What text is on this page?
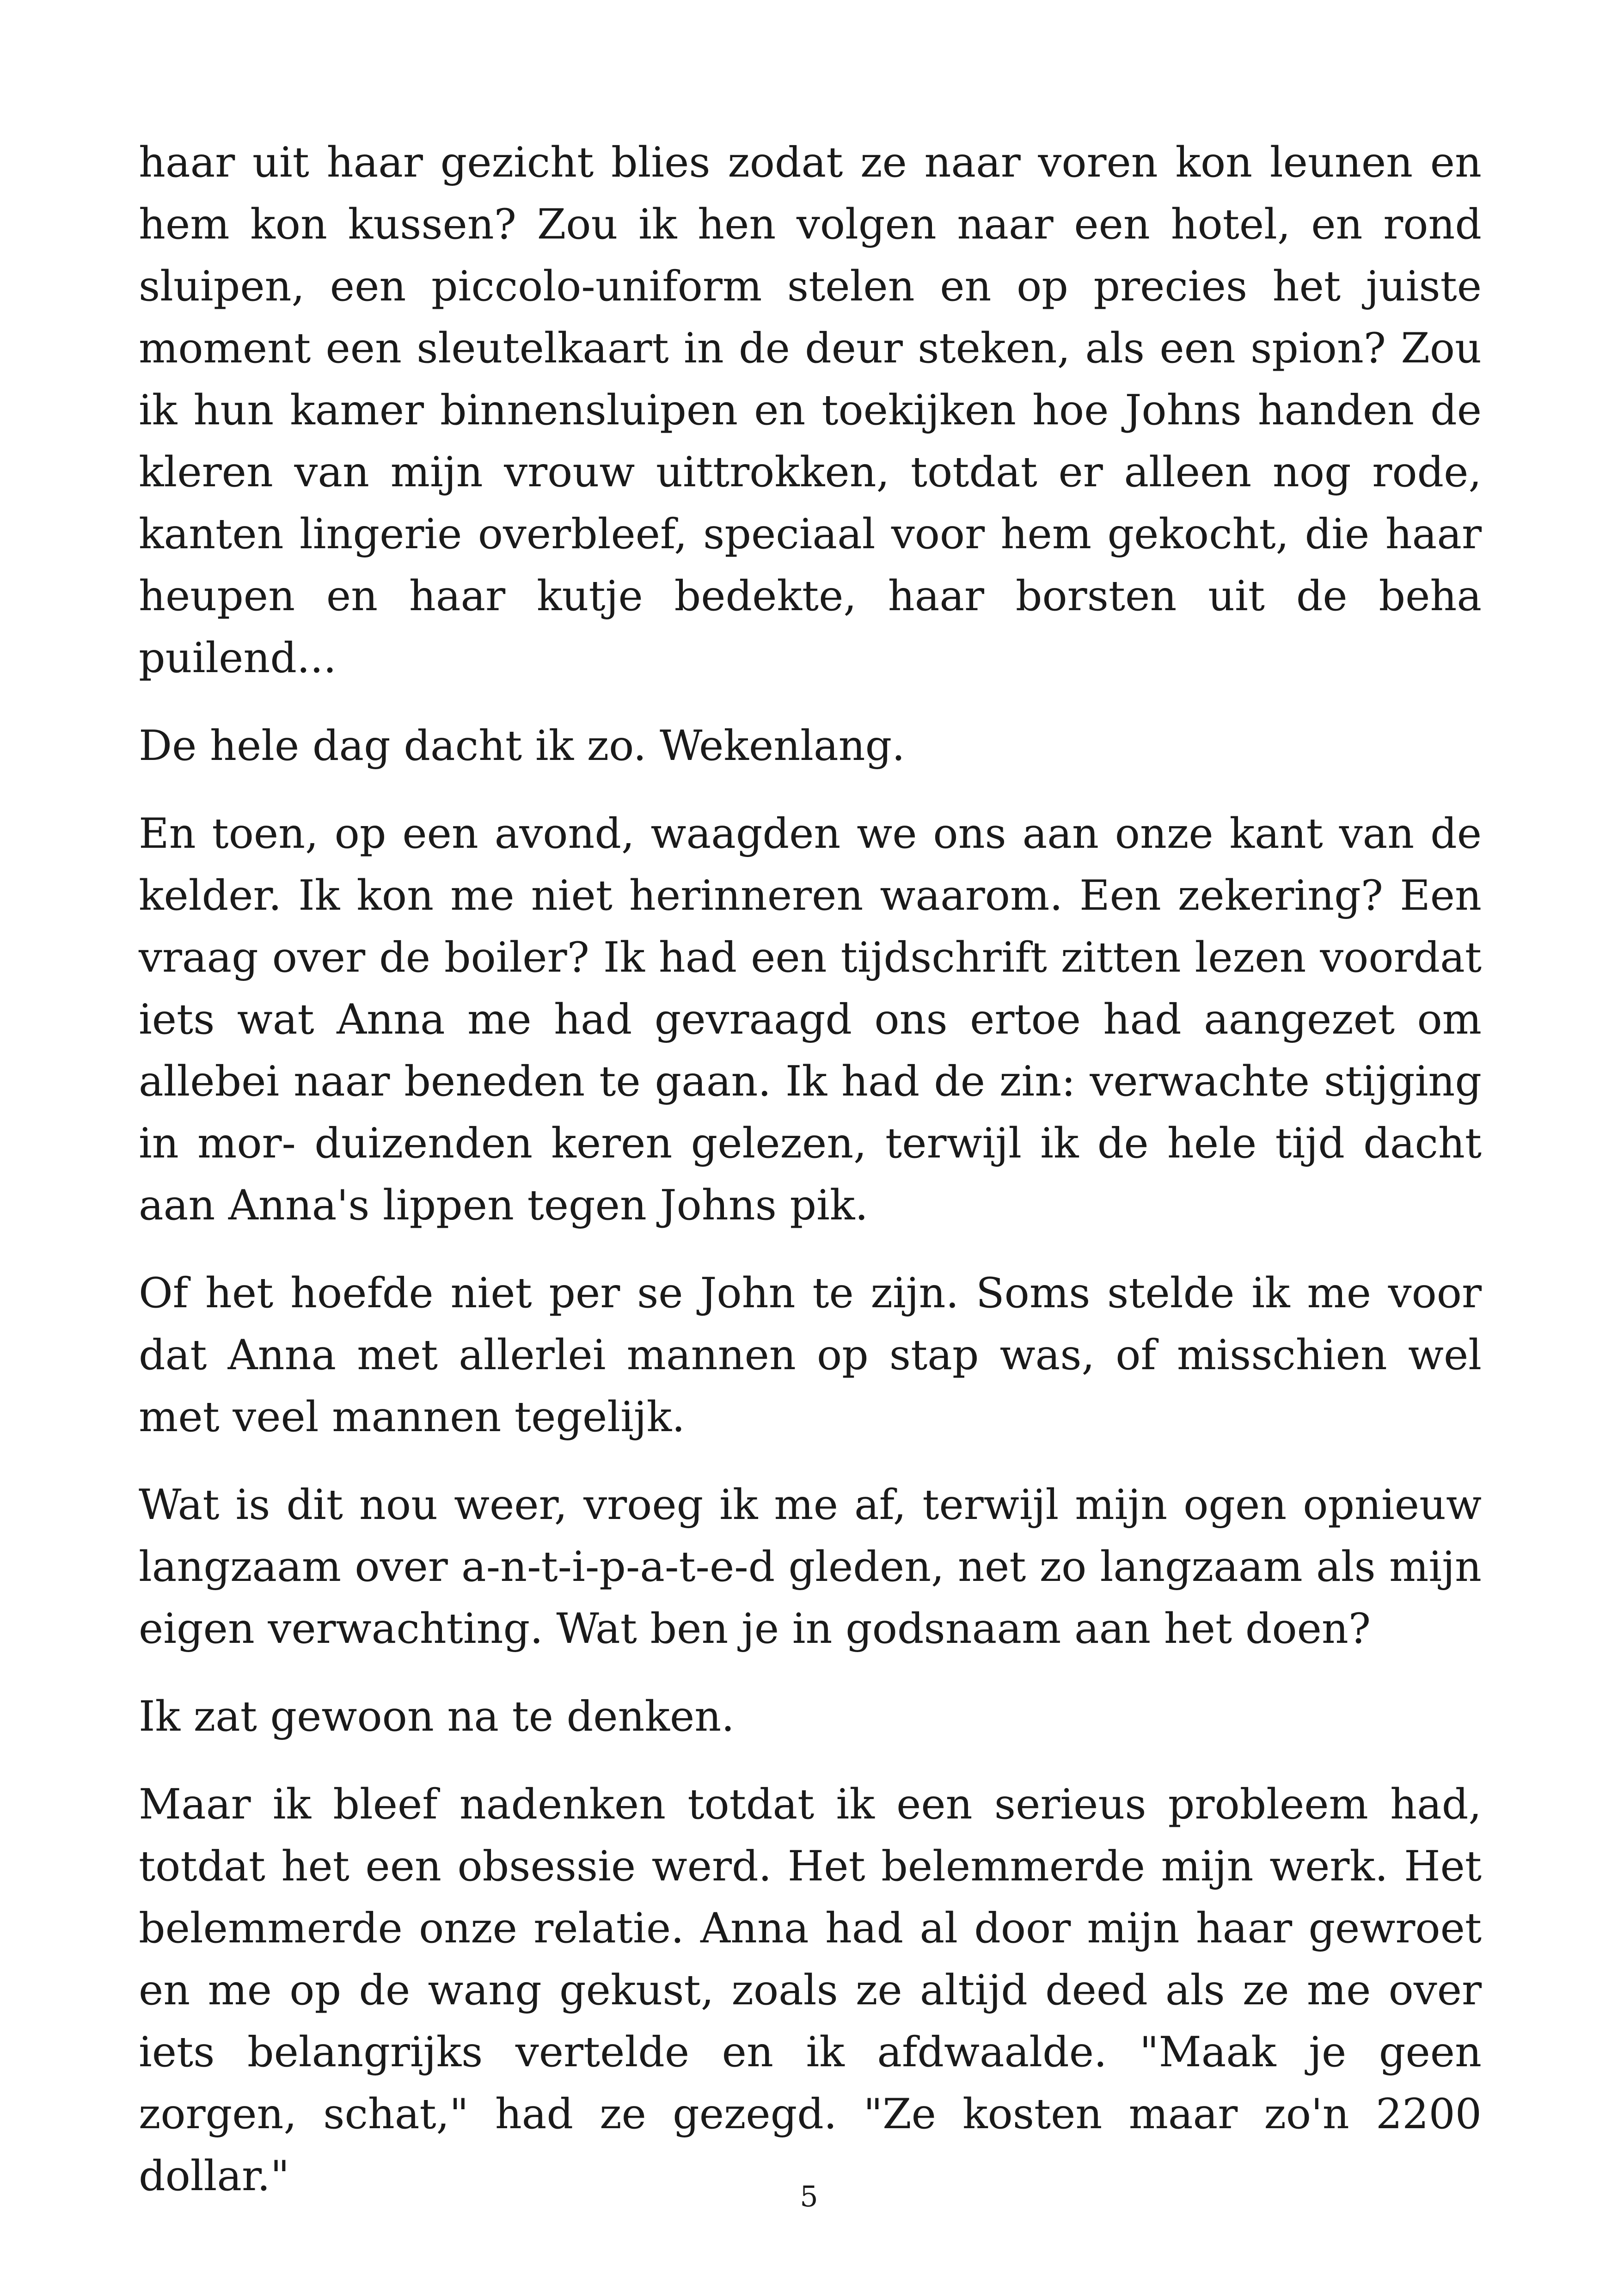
haar uit haar gezicht blies zodat ze naar voren kon leunen en hem kon kussen? Zou ik hen volgen naar een hotel, en rond sluipen, een piccolo-uniform stelen en op precies het juiste moment een sleutelkaart in de deur steken, als een spion? Zou ik hun kamer binnensluipen en toekijken hoe Johns handen de kleren van mijn vrouw uittrokken, totdat er alleen nog rode, kanten lingerie overbleef, speciaal voor hem gekocht, die haar heupen en haar kutje bedekte, haar borsten uit de beha puilend...

De hele dag dacht ik zo. Wekenlang.

En toen, op een avond, waagden we ons aan onze kant van de kelder. Ik kon me niet herinneren waarom. Een zekering? Een vraag over de boiler? Ik had een tijdschrift zitten lezen voordat iets wat Anna me had gevraagd ons ertoe had aangezet om allebei naar beneden te gaan. Ik had de zin: verwachte stijging in mor- duizenden keren gelezen, terwijl ik de hele tijd dacht aan Anna's lippen tegen Johns pik.

Of het hoefde niet per se John te zijn. Soms stelde ik me voor dat Anna met allerlei mannen op stap was, of misschien wel met veel mannen tegelijk.

Wat is dit nou weer, vroeg ik me af, terwijl mijn ogen opnieuw langzaam over a-n-t-i-p-a-t-e-d gleden, net zo langzaam als mijn eigen verwachting. Wat ben je in godsnaam aan het doen?

Ik zat gewoon na te denken.

Maar ik bleef nadenken totdat ik een serieus probleem had, totdat het een obsessie werd. Het belemmerde mijn werk. Het belemmerde onze relatie. Anna had al door mijn haar gewroet en me op de wang gekust, zoals ze altijd deed als ze me over iets belangrijks vertelde en ik afdwaalde. "Maak je geen zorgen, schat," had ze gezegd. "Ze kosten maar zo'n 2200 dollar."	5
